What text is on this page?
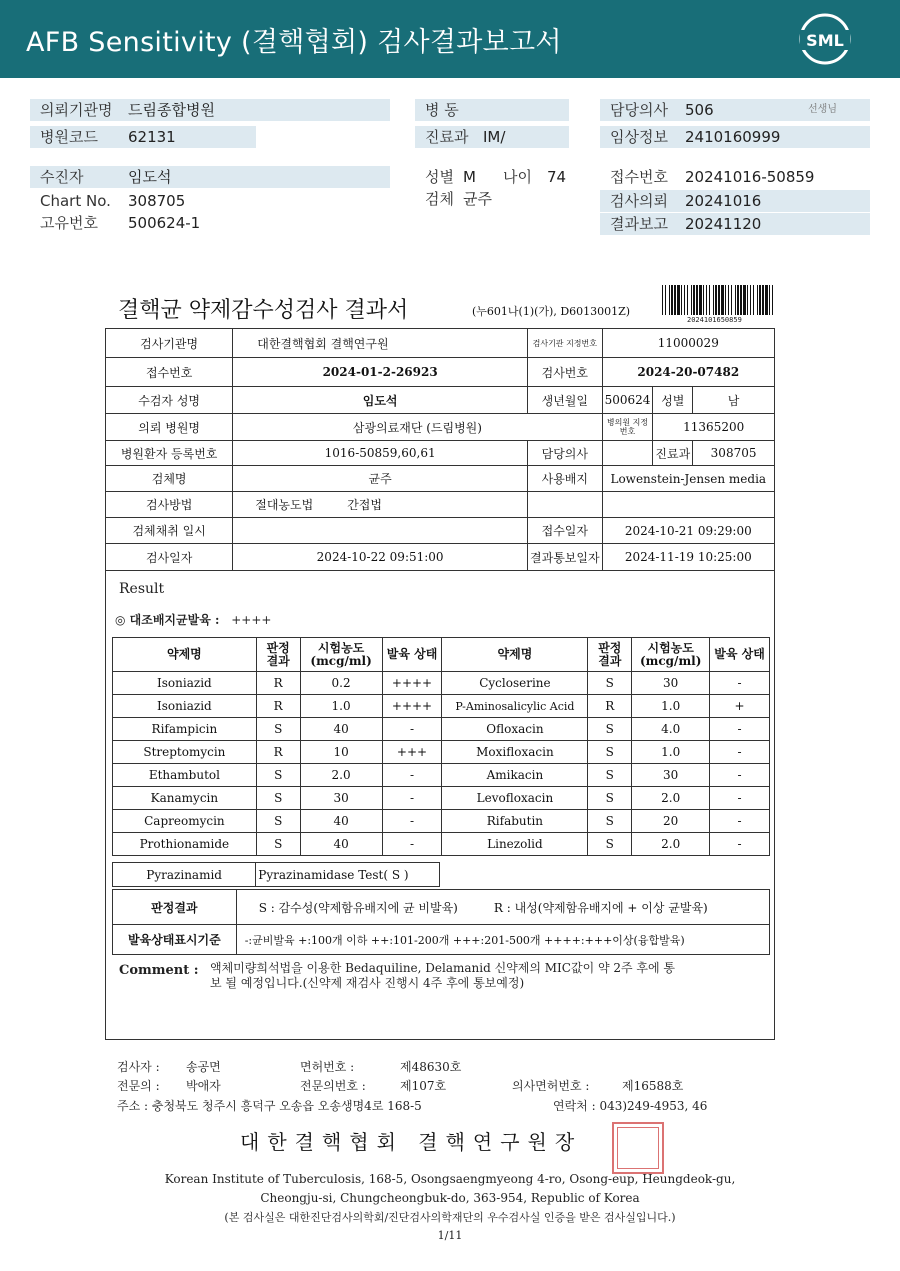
AFB Sensitivity (결핵협회) 검사결과보고서	SML
의뢰기관명 드림종합병원
병원코드 62131
병 동
진료과 IM/
담당의사 506	선생님
임상정보 2410160999
수진자	임도석
Chart No. 308705
고유번호 500624-1
성별 M 나이 74
검체 균주
접수번호 20241016-50859
검사의뢰 20241016
결과보고 20241120
결핵균 약제감수성검사 결과서	(누601나(1)(가), D6013001Z)
2024101650859
검사기관명	대한결핵협회 결핵연구원	검사기관 지정번호	11000029		
접수번호	2024-01-2-26923	검사번호	2024-20-07482		
수검자 성명	임도석	생년월일	500624	성별	남
의뢰 병원명	삼광의료재단 (드림병원)		병의원 지정번호	11365200	
병원환자 등록번호	1016-50859,60,61	담당의사		진료과	308705
검체명	균주	사용배지	Lowenstein-Jensen media		
검사방법	절대농도법 간접법				
검체채취 일시		접수일자	2024-10-21 09:29:00		
검사일자	2024-10-22 09:51:00	결과통보일자	2024-11-19 10:25:00		
Result
◎ 대조배지균발육 : ++++
약제명	판정 결과	시험농도 (mcg/ml)	발육 상태	약제명	판정 결과	시험농도 (mcg/ml)	발육 상태
Isoniazid	R	0.2	++++	Cycloserine	S	30	-
Isoniazid	R	1.0	++++	P-Aminosalicylic Acid	R	1.0	+
Rifampicin	S	40	-	Ofloxacin	S	4.0	-
Streptomycin	R	10	+++	Moxifloxacin	S	1.0	-
Ethambutol	S	2.0	-	Amikacin	S	30	-
Kanamycin	S	30	-	Levofloxacin	S	2.0	-
Capreomycin	S	40	-	Rifabutin	S	20	-
Prothionamide	S	40	-	Linezolid	S	2.0	-
Pyrazinamid	Pyrazinamidase Test( S )
판정결과	S : 감수성(약제함유배지에 균 비발육) R : 내성(약제함유배지에 + 이상 균발육)
발육상태표시기준	-:균비발육 +:100개 이하 ++:101-200개 +++:201-500개 ++++:+++이상(융합발육)
Comment : 액체미량희석법을 이용한 Bedaquiline, Delamanid 신약제의 MIC값이 약 2주 후에 통
보 될 예정입니다.(신약제 재검사 진행시 4주 후에 통보예정)
검사자 : 송공면	면허번호 :	제48630호
전문의 : 박애자	전문의번호 :	제107호	의사면허번호 :	제16588호
주소 : 충청북도 청주시 흥덕구 오송읍 오송생명4로 168-5	연락처 : 043)249-4953, 46
대한결핵협회 결핵연구원장
Korean Institute of Tuberculosis, 168-5, Osongsaengmyeong 4-ro, Osong-eup, Heungdeok-gu,
Cheongju-si, Chungcheongbuk-do, 363-954, Republic of Korea
(본 검사실은 대한진단검사의학회/진단검사의학재단의 우수검사실 인증을 받은 검사실입니다.)
1/11
